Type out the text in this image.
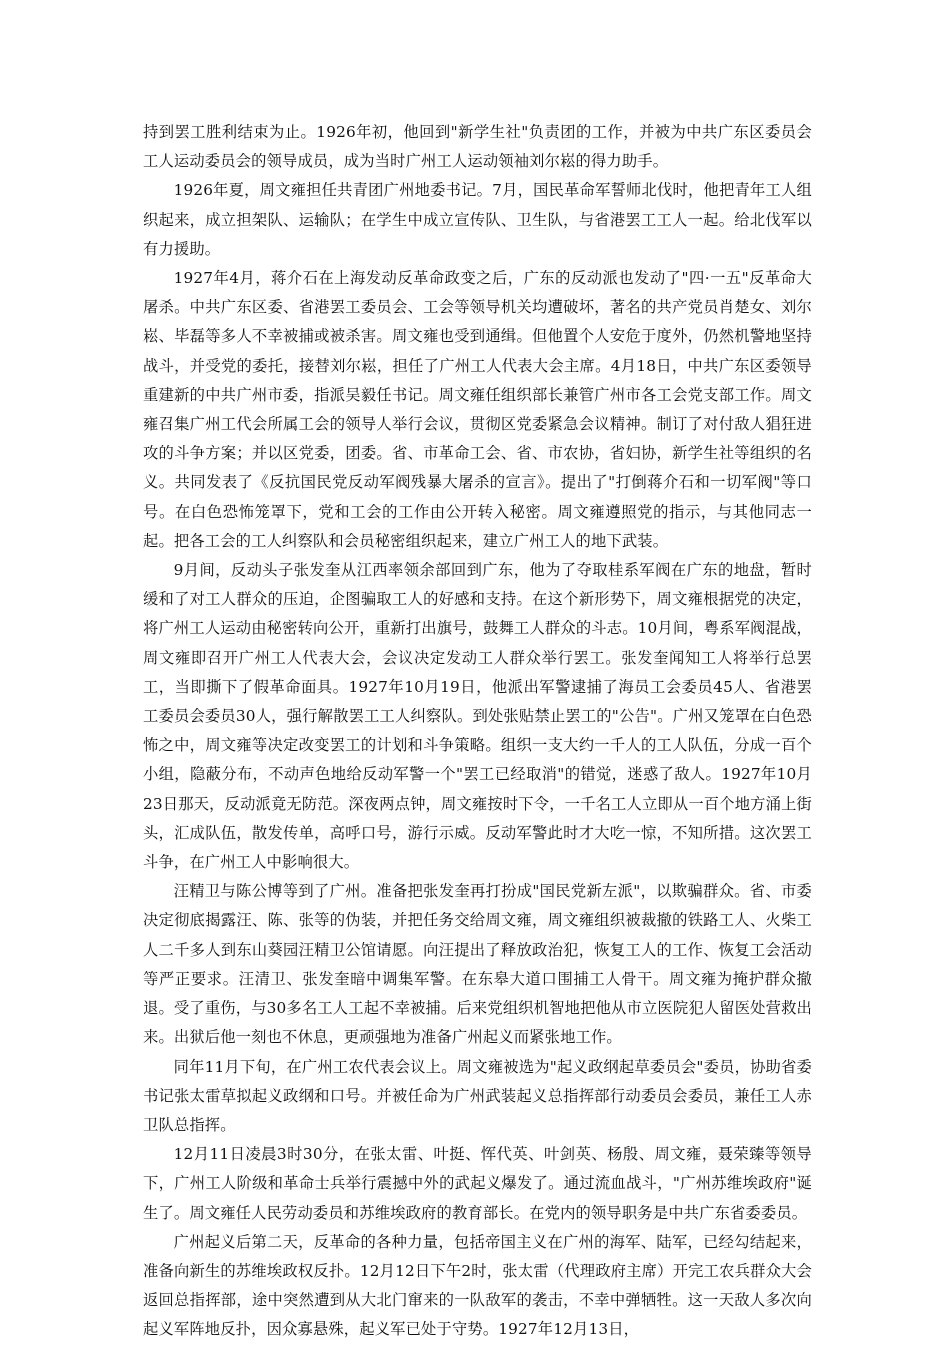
持到罢工胜利结束为止。1926年初，他回到"新学生社"负责团的工作，并被为中共广东区委员会工人运动委员会的领导成员，成为当时广州工人运动领袖刘尔崧的得力助手。

1926年夏，周文雍担任共青团广州地委书记。7月，国民革命军誓师北伐时，他把青年工人组织起来，成立担架队、运输队；在学生中成立宣传队、卫生队，与省港罢工工人一起。给北伐军以有力援助。

1927年4月，蒋介石在上海发动反革命政变之后，广东的反动派也发动了"四·一五"反革命大屠杀。中共广东区委、省港罢工委员会、工会等领导机关均遭破坏，著名的共产党员肖楚女、刘尔崧、毕磊等多人不幸被捕或被杀害。周文雍也受到通缉。但他置个人安危于度外，仍然机警地坚持战斗，并受党的委托，接替刘尔崧，担任了广州工人代表大会主席。4月18日，中共广东区委领导重建新的中共广州市委，指派吴毅任书记。周文雍任组织部长兼管广州市各工会党支部工作。周文雍召集广州工代会所属工会的领导人举行会议，贯彻区党委紧急会议精神。制订了对付敌人猖狂进攻的斗争方案；并以区党委，团委。省、市革命工会、省、市农协，省妇协，新学生社等组织的名义。共同发表了《反抗国民党反动军阀残暴大屠杀的宣言》。提出了"打倒蒋介石和一切军阀"等口号。在白色恐怖笼罩下，党和工会的工作由公开转入秘密。周文雍遵照党的指示，与其他同志一起。把各工会的工人纠察队和会员秘密组织起来，建立广州工人的地下武装。

9月间，反动头子张发奎从江西率领余部回到广东，他为了夺取桂系军阀在广东的地盘，暂时缓和了对工人群众的压迫，企图骗取工人的好感和支持。在这个新形势下，周文雍根据党的决定，将广州工人运动由秘密转向公开，重新打出旗号，鼓舞工人群众的斗志。10月间，粤系军阀混战，周文雍即召开广州工人代表大会，会议决定发动工人群众举行罢工。张发奎闻知工人将举行总罢工，当即撕下了假革命面具。1927年10月19日，他派出军警逮捕了海员工会委员45人、省港罢工委员会委员30人，强行解散罢工工人纠察队。到处张贴禁止罢工的"公告"。广州又笼罩在白色恐怖之中，周文雍等决定改变罢工的计划和斗争策略。组织一支大约一千人的工人队伍，分成一百个小组，隐蔽分布，不动声色地给反动军警一个"罢工已经取消"的错觉，迷惑了敌人。1927年10月23日那天，反动派竟无防范。深夜两点钟，周文雍按时下令，一千名工人立即从一百个地方涌上街头，汇成队伍，散发传单，高呼口号，游行示威。反动军警此时才大吃一惊，不知所措。这次罢工斗争，在广州工人中影响很大。

汪精卫与陈公博等到了广州。准备把张发奎再打扮成"国民党新左派"，以欺骗群众。省、市委决定彻底揭露汪、陈、张等的伪装，并把任务交给周文雍，周文雍组织被裁撤的铁路工人、火柴工人二千多人到东山葵园汪精卫公馆请愿。向汪提出了释放政治犯，恢复工人的工作、恢复工会活动等严正要求。汪清卫、张发奎暗中调集军警。在东皋大道口围捕工人骨干。周文雍为掩护群众撤退。受了重伤，与30多名工人工起不幸被捕。后来党组织机智地把他从市立医院犯人留医处营救出来。出狱后他一刻也不休息，更顽强地为准备广州起义而紧张地工作。

同年11月下旬，在广州工农代表会议上。周文雍被选为"起义政纲起草委员会"委员，协助省委书记张太雷草拟起义政纲和口号。并被任命为广州武装起义总指挥部行动委员会委员，兼任工人赤卫队总指挥。

12月11日凌晨3时30分，在张太雷、叶挺、恽代英、叶剑英、杨殷、周文雍，聂荣臻等领导下，广州工人阶级和革命士兵举行震撼中外的武起义爆发了。通过流血战斗，"广州苏维埃政府"诞生了。周文雍任人民劳动委员和苏维埃政府的教育部长。在党内的领导职务是中共广东省委委员。

广州起义后第二天，反革命的各种力量，包括帝国主义在广州的海军、陆军，已经勾结起来，准备向新生的苏维埃政权反扑。12月12日下午2时，张太雷（代理政府主席）开完工农兵群众大会返回总指挥部，途中突然遭到从大北门窜来的一队敌军的袭击，不幸中弹牺牲。这一天敌人多次向起义军阵地反扑，因众寡悬殊，起义军已处于守势。1927年12月13日，
